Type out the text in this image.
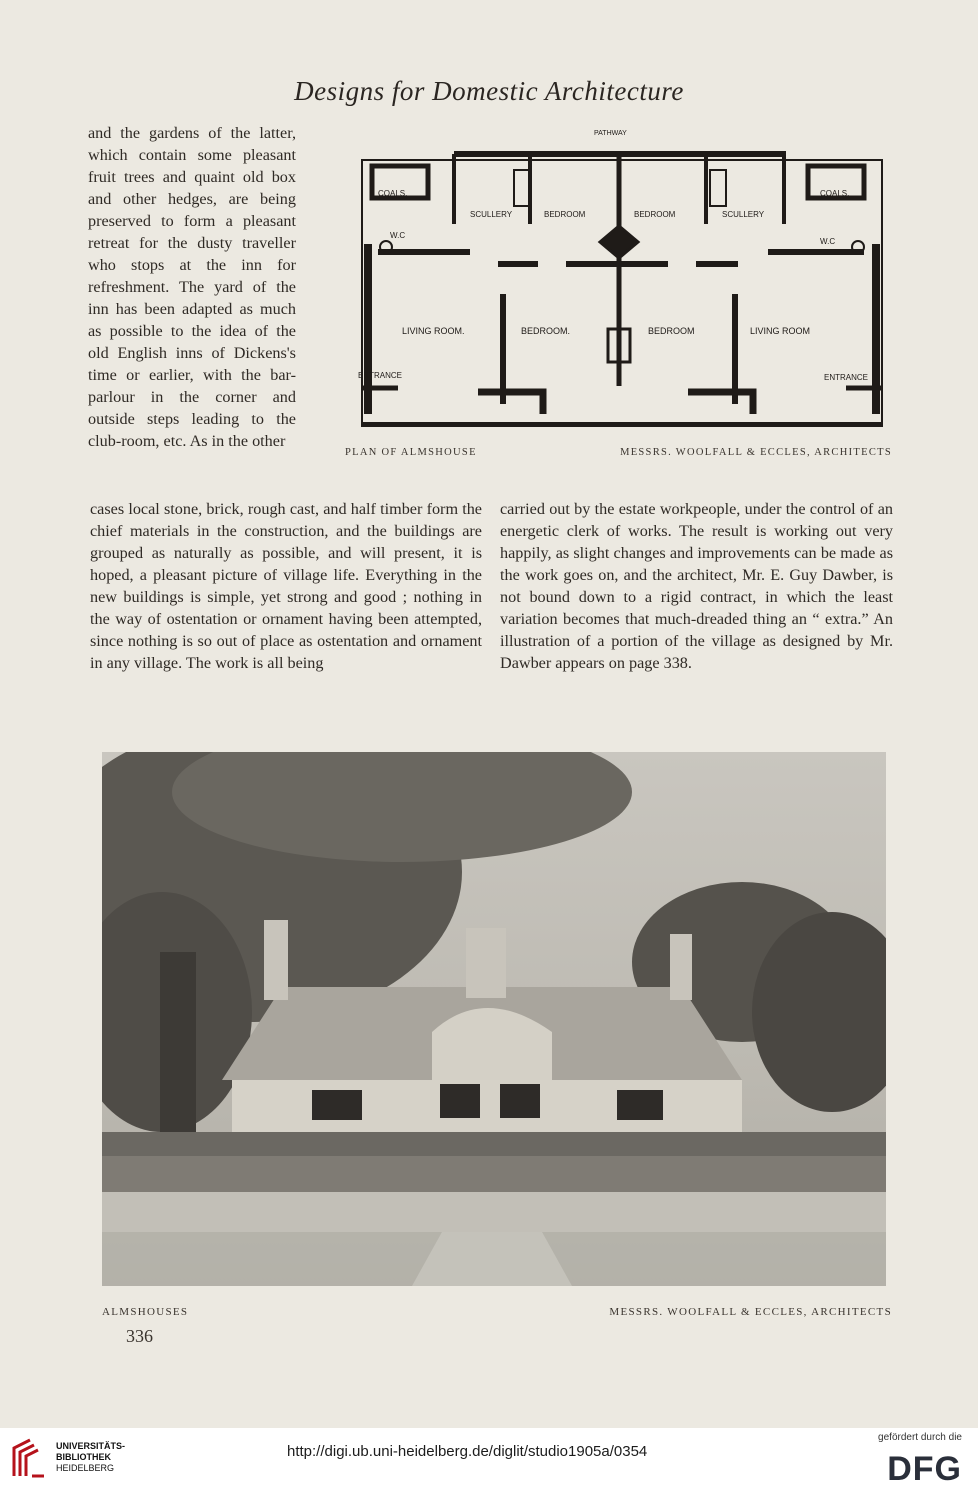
Designs for Domestic Architecture

and the gardens of the latter, which contain some pleasant fruit trees and quaint old box and other hedges, are being preserved to form a pleasant retreat for the dusty traveller who stops at the inn for refreshment. The yard of the inn has been adapted as much as possible to the idea of the old English inns of Dickens's time or earlier, with the bar-parlour in the corner and outside steps leading to the club-room, etc. As in the other

PATHWAY
COALS.	COALS.
SCULLERY	SCULLERY
BEDROOM	BEDROOM
W.C
W.C
LIVING ROOM.	BEDROOM.	BEDROOM	LIVING ROOM
ENTRANCE	ENTRANCE
PLAN OF ALMSHOUSE	MESSRS. WOOLFALL & ECCLES, ARCHITECTS

cases local stone, brick, rough cast, and half timber form the chief materials in the construction, and the buildings are grouped as naturally as possible, and will present, it is hoped, a pleasant picture of village life. Everything in the new buildings is simple, yet strong and good ; nothing in the way of ostentation or ornament having been attempted, since nothing is so out of place as ostentation and ornament in any village. The work is all being

carried out by the estate workpeople, under the control of an energetic clerk of works. The result is working out very happily, as slight changes and improvements can be made as the work goes on, and the architect, Mr. E. Guy Dawber, is not bound down to a rigid contract, in which the least variation becomes that much-dreaded thing an “ extra.” An illustration of a portion of the village as designed by Mr. Dawber appears on page 338.

ALMSHOUSES	MESSRS. WOOLFALL & ECCLES, ARCHITECTS
336
UNIVERSITÄTS-
BIBLIOTHEK
HEIDELBERG
http://digi.ub.uni-heidelberg.de/diglit/studio1905a/0354
gefördert durch die
DFG
